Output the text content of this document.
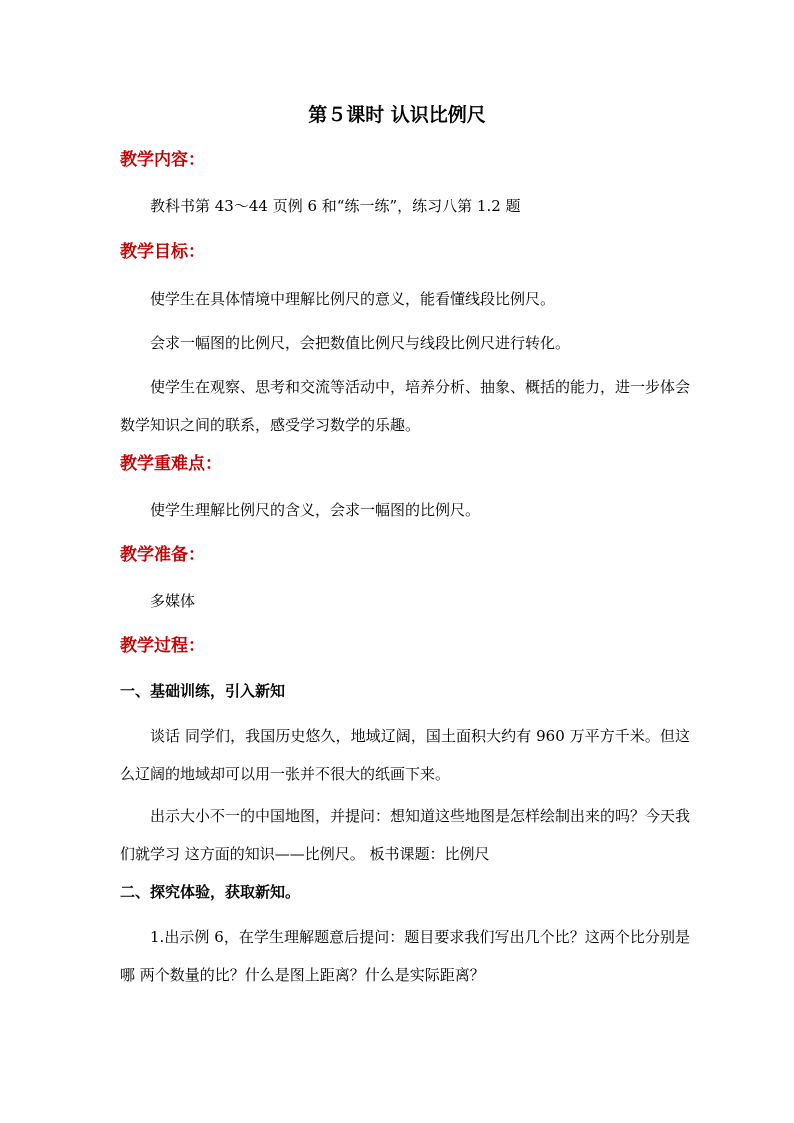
第５课时 认识比例尺
教学内容：

教科书第 43～44 页例 6 和“练一练”，练习八第 1.2 题

教学目标：

使学生在具体情境中理解比例尺的意义，能看懂线段比例尺。

会求一幅图的比例尺，会把数值比例尺与线段比例尺进行转化。

使学生在观察、思考和交流等活动中，培养分析、抽象、概括的能力，进一步体会数学知识之间的联系，感受学习数学的乐趣。

教学重难点：

使学生理解比例尺的含义，会求一幅图的比例尺。

教学准备：

多媒体

教学过程：
一、基础训练，引入新知

谈话 同学们，我国历史悠久，地域辽阔，国土面积大约有 960 万平方千米。但这么辽阔的地域却可以用一张并不很大的纸画下来。

出示大小不一的中国地图，并提问：想知道这些地图是怎样绘制出来的吗？今天我们就学习 这方面的知识——比例尺。 板书课题：比例尺

二、探究体验，获取新知。

1.出示例 6，在学生理解题意后提问：题目要求我们写出几个比？这两个比分别是哪 两个数量的比？什么是图上距离？什么是实际距离？
